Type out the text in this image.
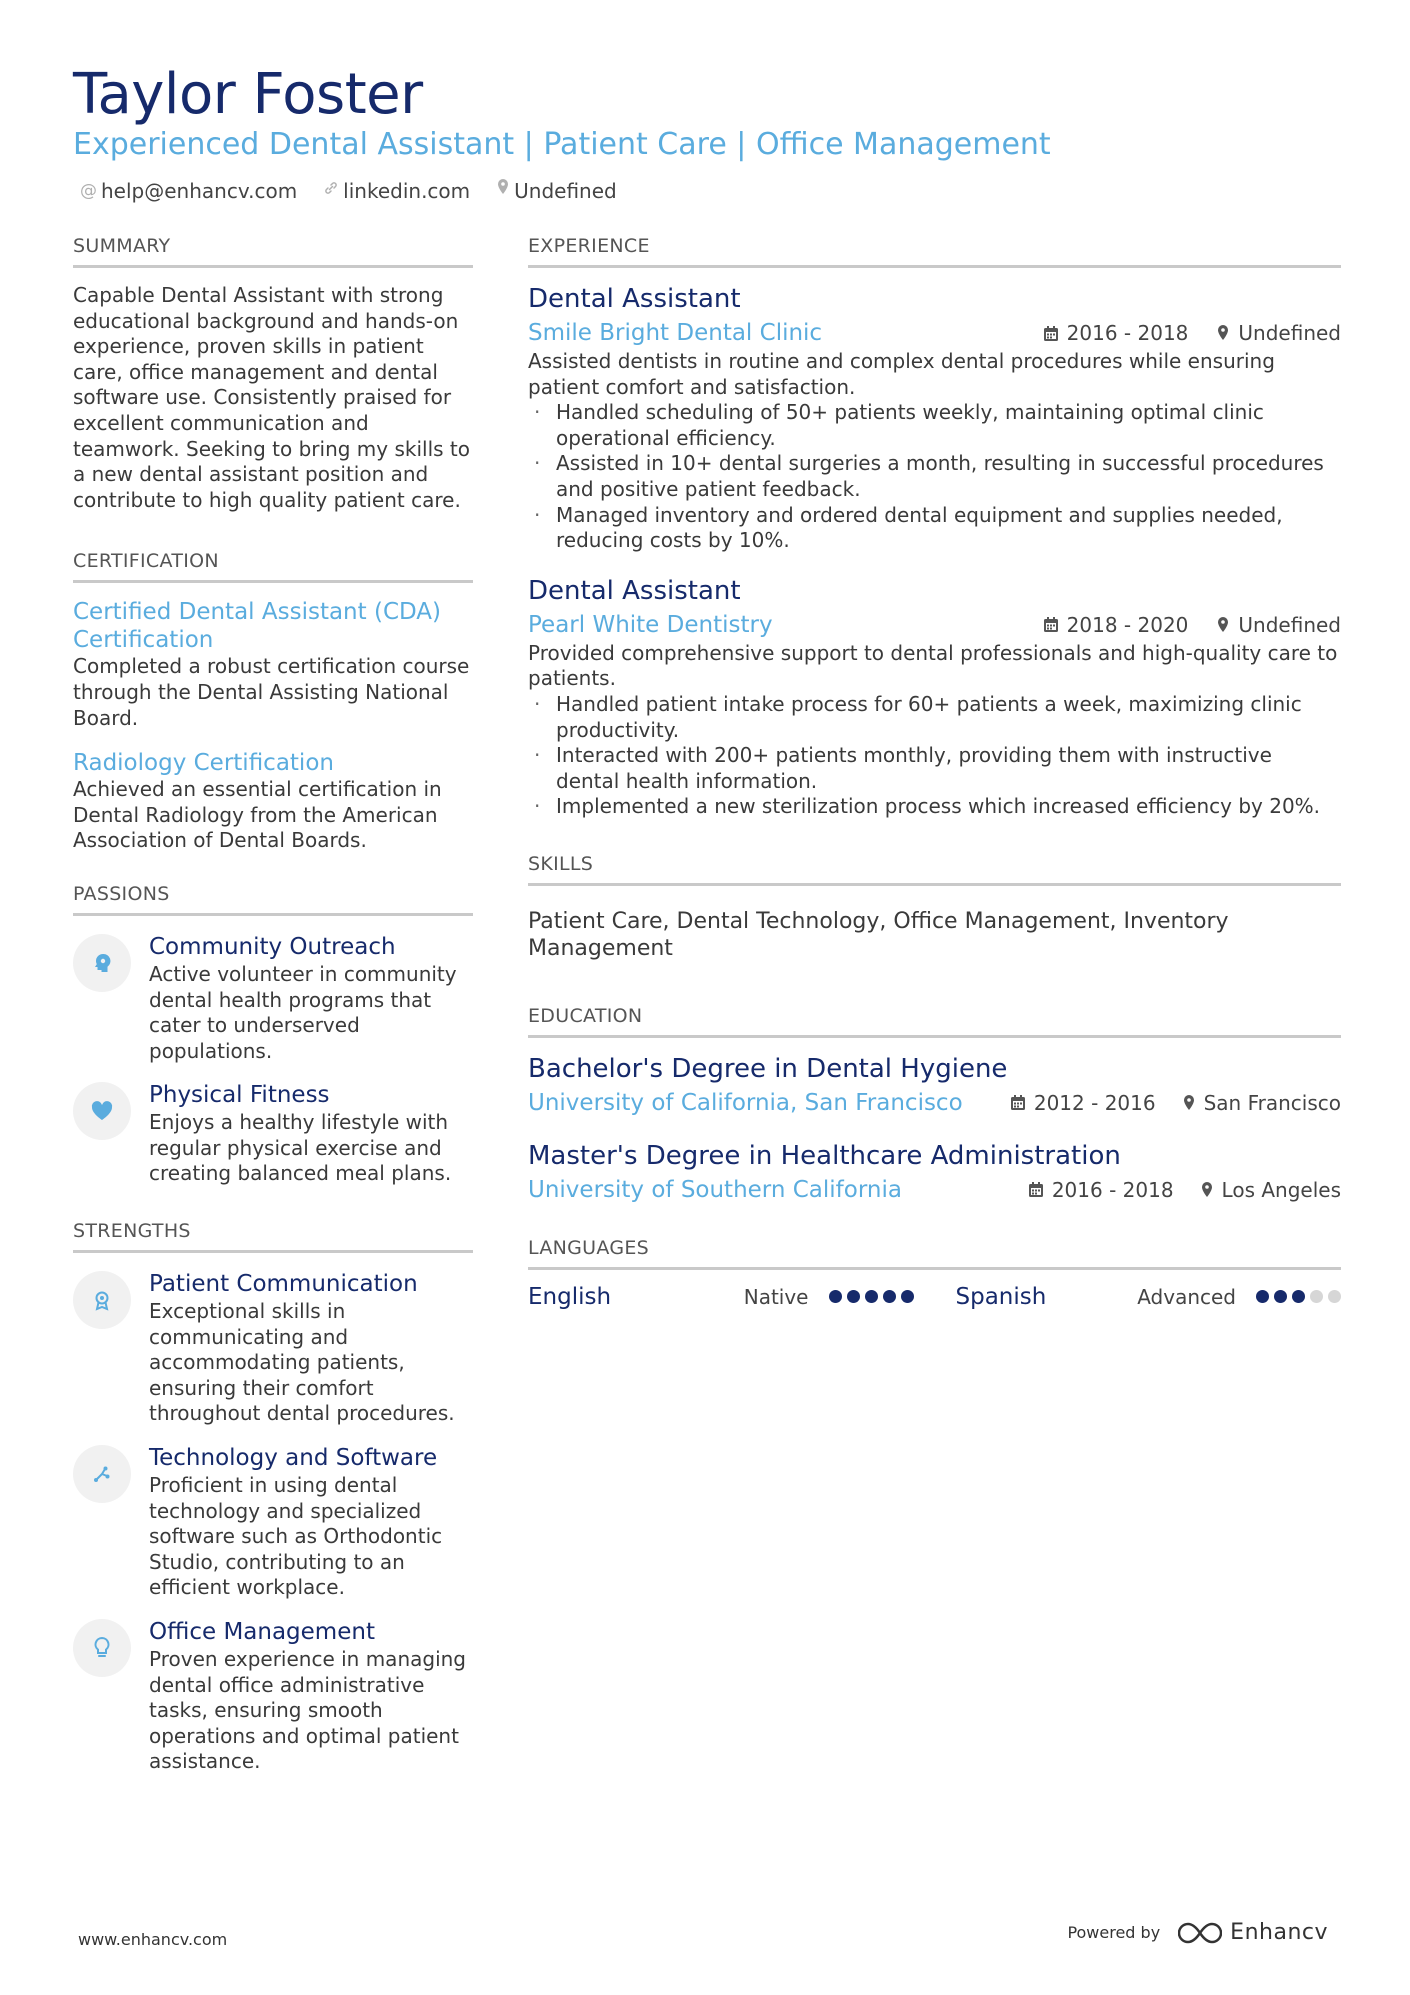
Taylor Foster
Experienced Dental Assistant | Patient Care | Office Management
@ help@enhancv.com linkedin.com Undefined
SUMMARY
Capable Dental Assistant with strong educational background and hands-on experience, proven skills in patient care, office management and dental software use. Consistently praised for excellent communication and teamwork. Seeking to bring my skills to a new dental assistant position and contribute to high quality patient care.
CERTIFICATION
Certified Dental Assistant (CDA) Certification
Completed a robust certification course through the Dental Assisting National Board.
Radiology Certification
Achieved an essential certification in Dental Radiology from the American Association of Dental Boards.
PASSIONS
Community Outreach
Active volunteer in community dental health programs that cater to underserved populations.
Physical Fitness
Enjoys a healthy lifestyle with regular physical exercise and creating balanced meal plans.
STRENGTHS
Patient Communication
Exceptional skills in communicating and accommodating patients, ensuring their comfort throughout dental procedures.
Technology and Software
Proficient in using dental technology and specialized software such as Orthodontic Studio, contributing to an efficient workplace.
Office Management
Proven experience in managing dental office administrative tasks, ensuring smooth operations and optimal patient assistance.
EXPERIENCE
Dental Assistant
Smile Bright Dental Clinic	2016 - 2018	Undefined
Assisted dentists in routine and complex dental procedures while ensuring patient comfort and satisfaction.
· Handled scheduling of 50+ patients weekly, maintaining optimal clinic operational efficiency.
· Assisted in 10+ dental surgeries a month, resulting in successful procedures and positive patient feedback.
· Managed inventory and ordered dental equipment and supplies needed, reducing costs by 10%.
Dental Assistant
Pearl White Dentistry	2018 - 2020	Undefined
Provided comprehensive support to dental professionals and high-quality care to patients.
· Handled patient intake process for 60+ patients a week, maximizing clinic productivity.
· Interacted with 200+ patients monthly, providing them with instructive dental health information.
· Implemented a new sterilization process which increased efficiency by 20%.
SKILLS
Patient Care, Dental Technology, Office Management, Inventory Management
EDUCATION
Bachelor's Degree in Dental Hygiene
University of California, San Francisco	2012 - 2016 San Francisco
Master's Degree in Healthcare Administration
University of Southern California	2016 - 2018 Los Angeles
LANGUAGES
English	Native	Spanish	Advanced
www.enhancv.com	Powered by	Enhancv
